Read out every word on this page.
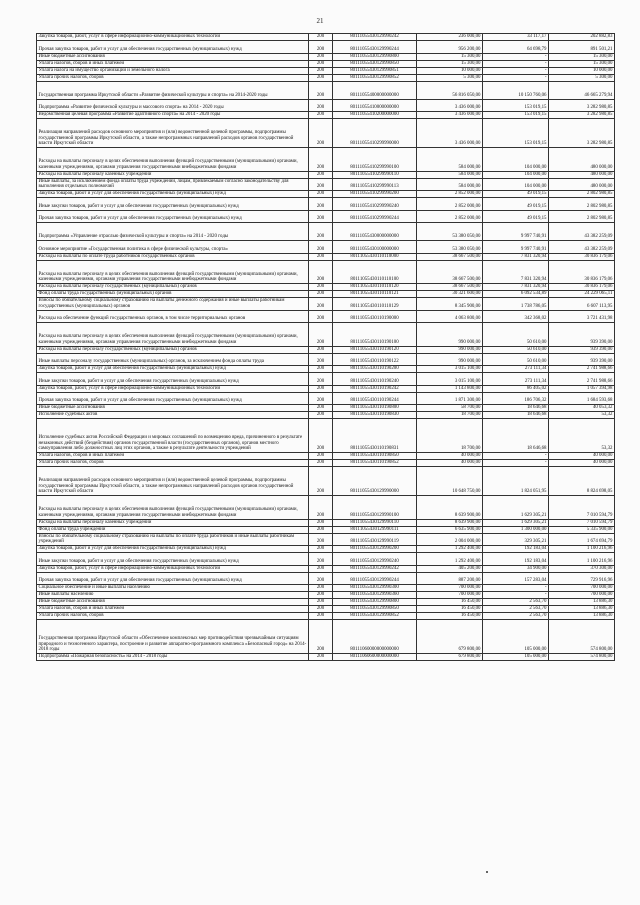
21
Закупка товаров, работ, услуг в сфере информационно-коммуникационных технологий	200	80111055430129990242	236 000,00	33 117,17	202 882,83
Прочая закупка товаров, работ и услуг для обеспечения государственных (муниципальных) нужд	200	80111055430129990244	956 200,00	64 698,79	891 501,21
Иные бюджетные ассигнования	200	80111055430129990800	15 300,00	-	15 300,00
Уплата налогов, сборов и иных платежей	200	80111055430129990850	15 300,00	-	15 300,00
Уплата налога на имущество организаций и земельного налога	200	80111055430129990851	10 000,00	-	10 000,00
Уплата прочих налогов, сборов	200	80111055430129990852	5 300,00	-	5 300,00
Государственная программа Иркутской области «Развитие физической культуры и спорта» на 2014-2020 годы	200	80111055400000000000	56 816 050,00	10 150 760,06	46 665 279,94
Подпрограмма «Развитие физической культуры и массового спорта» на 2014 - 2020 годы	200	80111055410000000000	3 436 000,00	153 019,15	3 282 980,85
Ведомственная целевая программа «Развитие адаптивного спорта» на 2014 - 2020 годы	200	80111055410200000000	3 436 000,00	153 019,15	3 282 980,85
Реализация направлений расходов основного мероприятия и (или) ведомственной целевой программы, подпрограммы государственной программы Иркутской области, а также непрограммных направлений расходов органов государственной власти Иркутской области	200	80111055410299990000	3 436 000,00	153 019,15	3 282 980,85
Расходы на выплаты персоналу в целях обеспечения выполнения функций государственными (муниципальными) органами, казенными учреждениями, органами управления государственными внебюджетными фондами	200	80111055410299990100	584 000,00	104 000,00	480 000,00
Расходы на выплаты персоналу казенных учреждений	200	80111055410299990110	584 000,00	104 000,00	480 000,00
Иные выплаты, за исключением фонда оплаты труда учреждений, лицам, привлекаемым согласно законодательству для выполнения отдельных полномочий	200	80111055410299990113	584 000,00	104 000,00	480 000,00
Закупка товаров, работ и услуг для обеспечения государственных (муниципальных) нужд	200	80111055410299990200	2 852 000,00	49 019,15	2 802 980,85
Иные закупки товаров, работ и услуг для обеспечения государственных (муниципальных) нужд	200	80111055410299990240	2 852 000,00	49 019,15	2 802 980,85
Прочая закупка товаров, работ и услуг для обеспечения государственных (муниципальных) нужд	200	80111055410299990244	2 852 000,00	49 019,15	2 802 980,85
Подпрограмма «Управление отраслью физической культуры и спорта» на 2014 - 2020 годы	200	80111055430000000000	53 380 050,00	9 997 740,91	43 382 259,09
Основное мероприятие «Государственная политика в сфере физической культуры, спорта»	200	80111055430100000000	53 380 050,00	9 997 740,91	43 382 259,09
Расходы на выплаты по оплате труда работников государственных органов	200	80111055430110110000	38 667 500,00	7 831 320,94	30 836 179,06
Расходы на выплаты персоналу в целях обеспечения выполнения функций государственными (муниципальными) органами, казенными учреждениями, органами управления государственными внебюджетными фондами	200	80111055430110110100	38 667 500,00	7 831 320,94	30 836 179,06
Расходы на выплаты персоналу государственных (муниципальных) органов	200	80111055430110110120	38 667 500,00	7 831 320,94	30 836 179,06
Фонд оплаты труда государственных (муниципальных) органов	200	80111055430110110121	30 321 600,00	6 092 534,89	24 229 065,11
Взносы по обязательному социальному страхованию на выплаты денежного содержания и иные выплаты работникам государственных (муниципальных) органов	200	80111055430110110129	8 345 900,00	1 738 786,05	6 607 113,95
Расходы на обеспечение функций государственных органов, в том числе территориальных органов	200	80111055430110190000	4 063 800,00	342 368,02	3 721 431,98
Расходы на выплаты персоналу в целях обеспечения выполнения функций государственными (муниципальными) органами, казенными учреждениями, органами управления государственными внебюджетными фондами	200	80111055430110190100	990 000,00	50 610,00	939 390,00
Расходы на выплаты персоналу государственных (муниципальных) органов	200	80111055430110190120	990 000,00	50 610,00	939 390,00
Иные выплаты персоналу государственных (муниципальных) органов, за исключением фонда оплаты труда	200	80111055430110190122	990 000,00	50 610,00	939 390,00
Закупка товаров, работ и услуг для обеспечения государственных (муниципальных) нужд	200	80111055430110190200	3 015 100,00	273 111,34	2 741 988,66
Иные закупки товаров, работ и услуг для обеспечения государственных (муниципальных) нужд	200	80111055430110190240	3 015 100,00	273 111,34	2 741 988,66
Закупка товаров, работ, услуг в сфере информационно-коммуникационных технологий	200	80111055430110190242	1 143 800,00	86 405,02	1 057 394,98
Прочая закупка товаров, работ и услуг для обеспечения государственных (муниципальных) нужд	200	80111055430110190244	1 871 300,00	186 706,32	1 684 593,68
Иные бюджетные ассигнования	200	80111055430110190800	58 700,00	18 646,68	40 053,32
Исполнение судебных актов	200	80111055430110190830	18 700,00	18 646,68	53,32
Исполнение судебных актов Российской Федерации и мировых соглашений по возмещению вреда, причиненного в результате незаконных действий (бездействия) органов государственной власти (государственных органов), органов местного самоуправления либо должностных лиц этих органов, а также в результате деятельности учреждений	200	80111055430110190831	18 700,00	18 646,68	53,32
Уплата налогов, сборов и иных платежей	200	80111055430110190850	40 000,00	-	40 000,00
Уплата прочих налогов, сборов	200	80111055430110190852	40 000,00	-	40 000,00
Реализация направлений расходов основного мероприятия и (или) ведомственной целевой программы, подпрограммы государственной программы Иркутской области, а также непрограммных направлений расходов органов государственной власти Иркутской области	200	80111055430129990000	10 648 750,00	1 824 051,95	8 824 698,05
Расходы на выплаты персоналу в целях обеспечения выполнения функций государственными (муниципальными) органами, казенными учреждениями, органами управления государственными внебюджетными фондами	200	80111055430129990100	8 639 900,00	1 629 305,21	7 010 594,79
Расходы на выплаты персоналу казенных учреждений	200	80111055430129990110	8 639 900,00	1 629 305,21	7 010 594,79
Фонд оплаты труда учреждений	200	80111055430129990111	6 635 900,00	1 300 000,00	5 335 900,00
Взносы по обязательному социальному страхованию на выплаты по оплате труда работников и иные выплаты работникам учреждений	200	80111055430129990119	2 004 000,00	329 305,21	1 674 694,79
Закупка товаров, работ и услуг для обеспечения государственных (муниципальных) нужд	200	80111055430129990200	1 292 400,00	192 183,04	1 100 216,96
Иные закупки товаров, работ и услуг для обеспечения государственных (муниципальных) нужд	200	80111055430129990240	1 292 400,00	192 183,04	1 100 216,96
Закупка товаров, работ, услуг в сфере информационно-коммуникационных технологий	200	80111055430129990242	405 200,00	34 900,00	370 300,00
Прочая закупка товаров, работ и услуг для обеспечения государственных (муниципальных) нужд	200	80111055430129990244	887 200,00	157 283,04	729 916,96
Социальное обеспечение и иные выплаты населению	200	80111055430129990300	700 000,00	-	700 000,00
Иные выплаты населению	200	80111055430129990360	700 000,00	-	700 000,00
Иные бюджетные ассигнования	200	80111055430129990800	16 450,00	2 563,70	13 886,30
Уплата налогов, сборов и иных платежей	200	80111055430129990850	16 450,00	2 563,70	13 886,30
Уплата прочих налогов, сборов	200	80111055430129990852	16 450,00	2 563,70	13 886,30
Государственная программа Иркутской области «Обеспечение комплексных мер противодействия чрезвычайным ситуациям природного и техногенного характера, построение и развитие аппаратно-программного комплекса «Безопасный город» на 2014-2018 годы	200	80111060000000000000	679 800,00	105 000,00	574 800,00
Подпрограмма «Пожарная безопасность» на 2014 - 2018 годы	200	80111060600000000000	679 800,00	105 000,00	574 800,00
